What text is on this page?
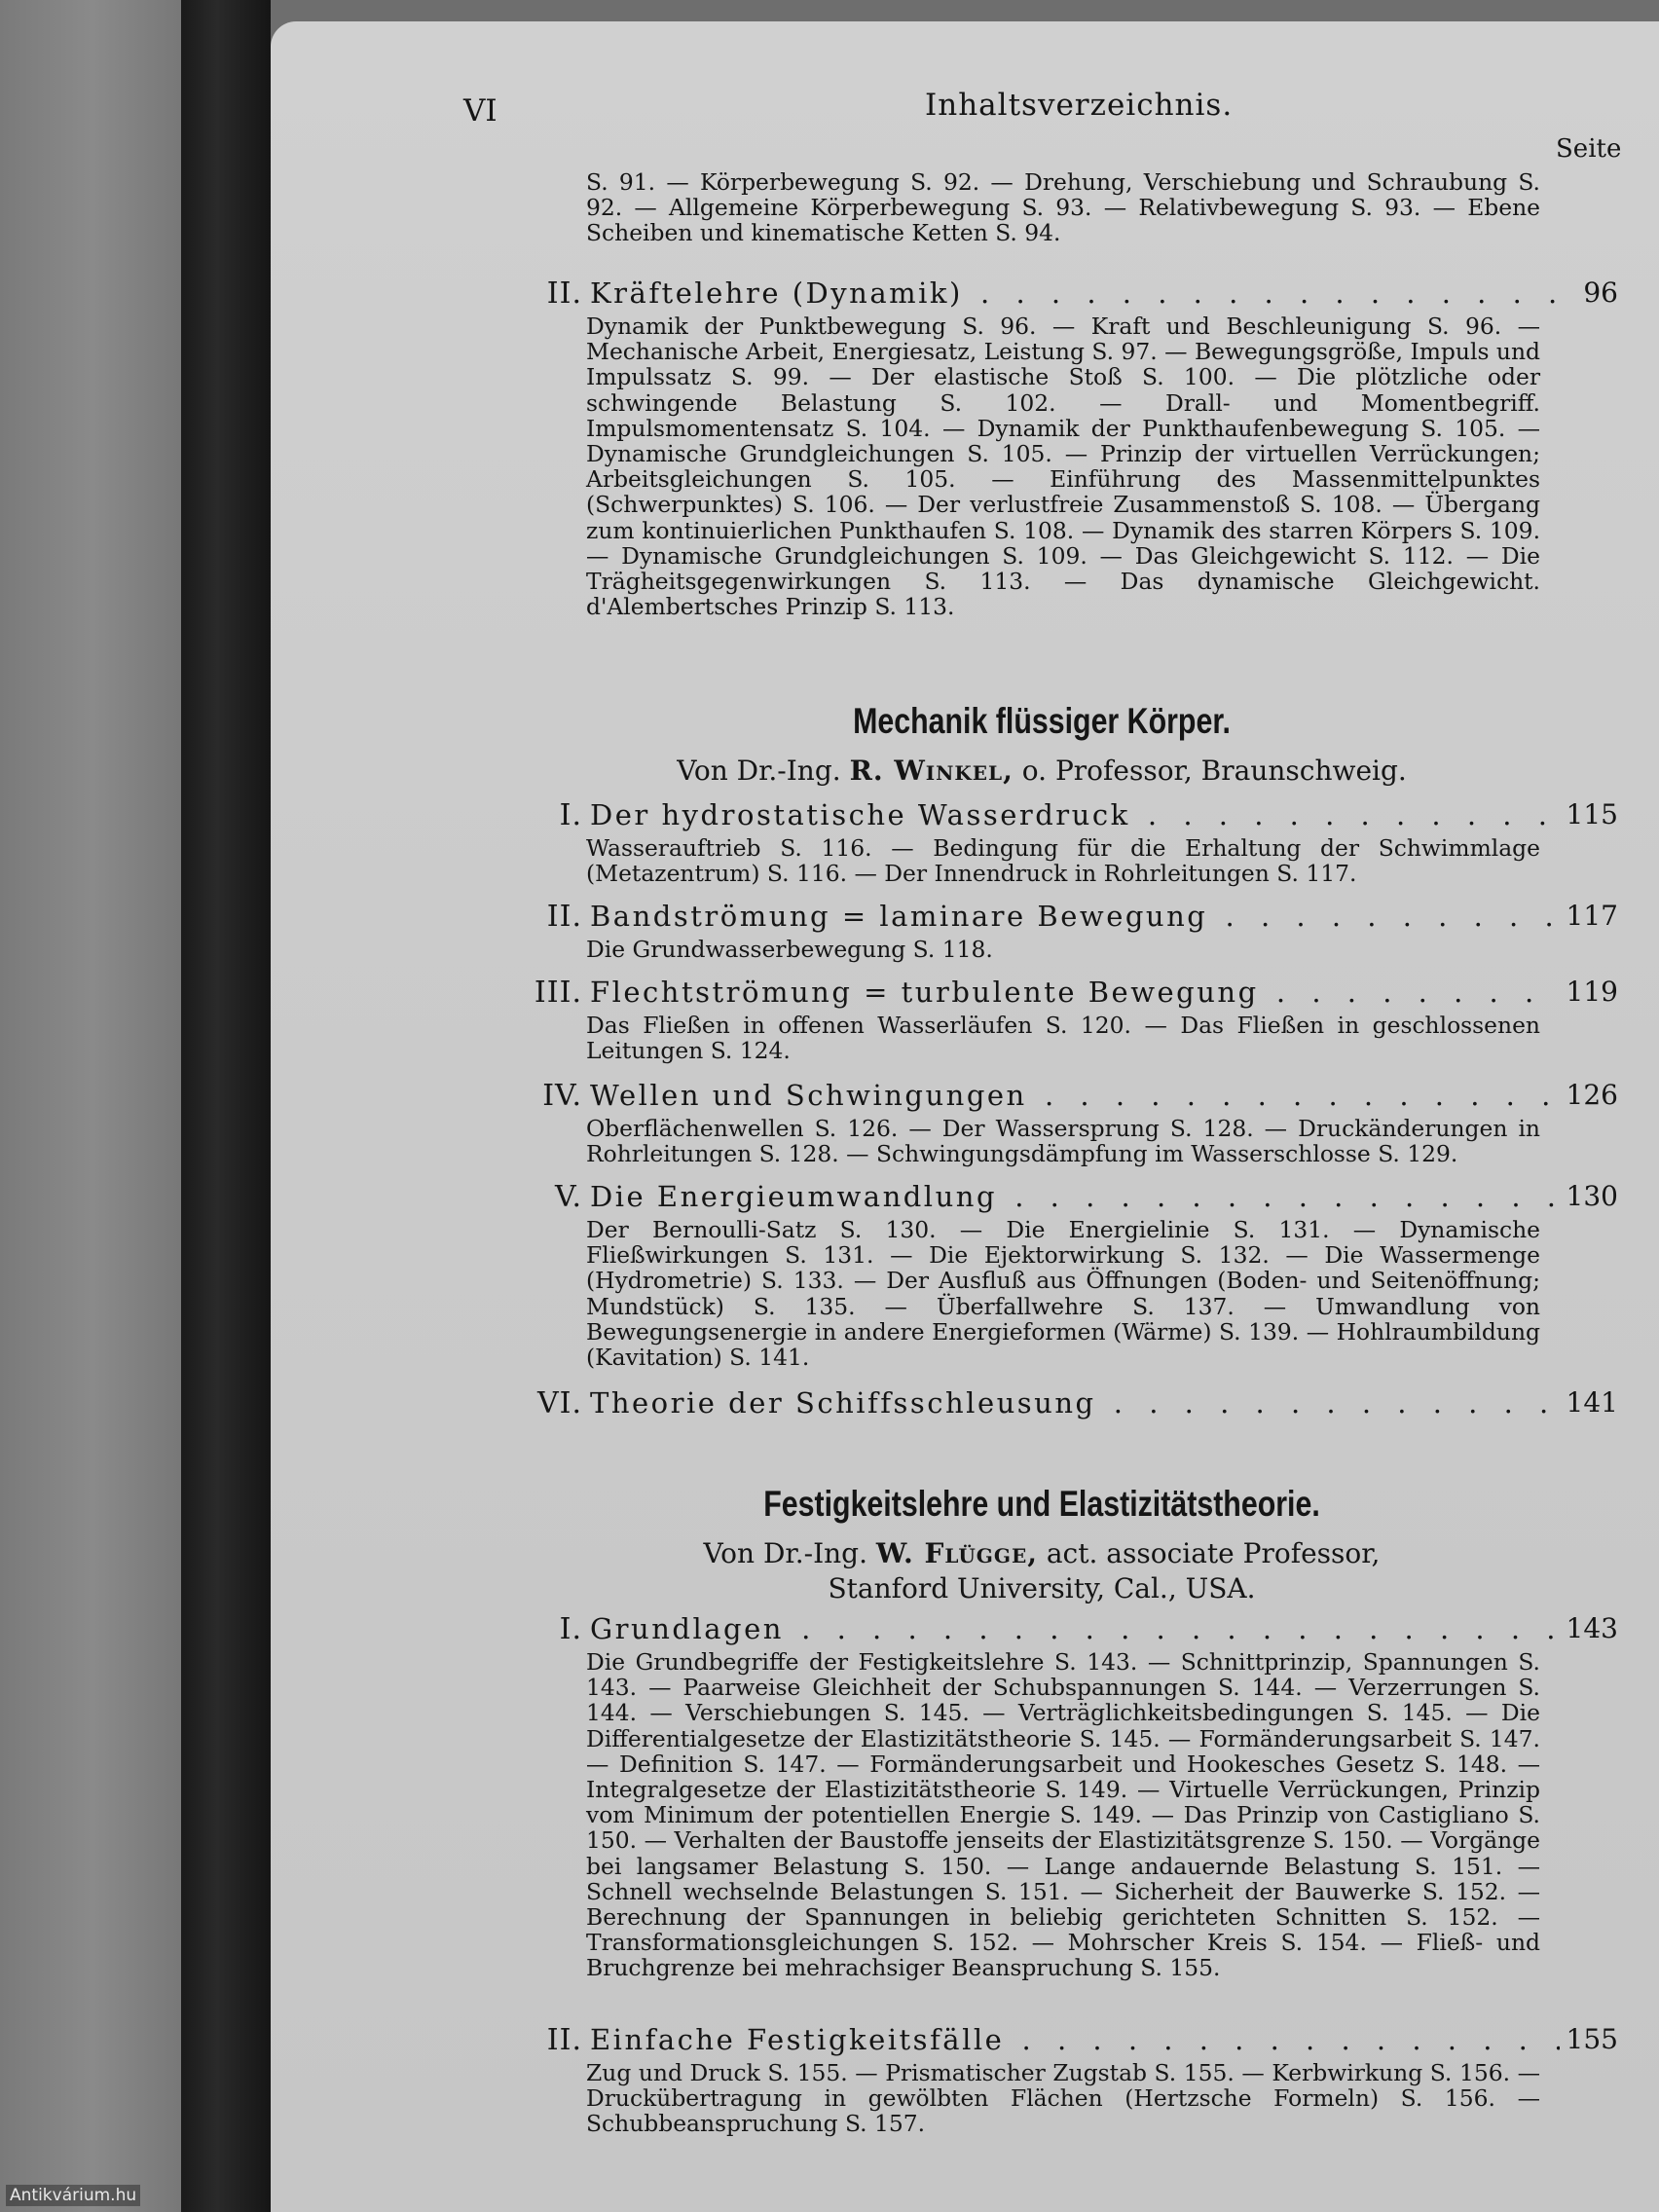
VI	Inhaltsverzeichnis.
Seite
S. 91. — Körperbewegung S. 92. — Drehung, Verschiebung und Schraubung S. 92. — Allgemeine Körperbewegung S. 93. — Relativbewegung S. 93. — Ebene Scheiben und kinematische Ketten S. 94.
II. Kräftelehre (Dynamik) . . .	96
Dynamik der Punktbewegung S. 96. — Kraft und Beschleunigung S. 96. — Mechanische Arbeit, Energiesatz, Leistung S. 97. — Bewegungsgröße, Impuls und Impulssatz S. 99. — Der elastische Stoß S. 100. — Die plötzliche oder schwingende Belastung S. 102. — Drall- und Momentbegriff. Impulsmomentensatz S. 104. — Dynamik der Punkthaufenbewegung S. 105. — Dynamische Grundgleichungen S. 105. — Prinzip der virtuellen Verrückungen; Arbeitsgleichungen S. 105. — Einführung des Massenmittelpunktes (Schwerpunktes) S. 106. — Der verlustfreie Zusammenstoß S. 108. — Übergang zum kontinuierlichen Punkthaufen S. 108. — Dynamik des starren Körpers S. 109. — Dynamische Grundgleichungen S. 109. — Das Gleichgewicht S. 112. — Die Trägheitsgegenwirkungen S. 113. — Das dynamische Gleichgewicht. d'Alembertsches Prinzip S. 113.
Mechanik flüssiger Körper.
Von Dr.-Ing. R. Winkel, o. Professor, Braunschweig.
I. Der hydrostatische Wasserdruck . . .	115
Wasserauftrieb S. 116. — Bedingung für die Erhaltung der Schwimmlage (Metazentrum) S. 116. — Der Innendruck in Rohrleitungen S. 117.
II. Bandströmung = laminare Bewegung . . .	117
Die Grundwasserbewegung S. 118.
III. Flechtströmung = turbulente Bewegung . . .	119
Das Fließen in offenen Wasserläufen S. 120. — Das Fließen in geschlossenen Leitungen S. 124.
IV. Wellen und Schwingungen . . .	126
Oberflächenwellen S. 126. — Der Wassersprung S. 128. — Druckänderungen in Rohrleitungen S. 128. — Schwingungsdämpfung im Wasserschlosse S. 129.
V. Die Energieumwandlung . . .	130
Der Bernoulli-Satz S. 130. — Die Energielinie S. 131. — Dynamische Fließwirkungen S. 131. — Die Ejektorwirkung S. 132. — Die Wassermenge (Hydrometrie) S. 133. — Der Ausfluß aus Öffnungen (Boden- und Seitenöffnung; Mundstück) S. 135. — Überfallwehre S. 137. — Umwandlung von Bewegungsenergie in andere Energieformen (Wärme) S. 139. — Hohlraumbildung (Kavitation) S. 141.
VI. Theorie der Schiffsschleusung . . .	141
Festigkeitslehre und Elastizitätstheorie.
Von Dr.-Ing. W. Flügge, act. associate Professor,
Stanford University, Cal., USA.
I. Grundlagen . . .	143
Die Grundbegriffe der Festigkeitslehre S. 143. — Schnittprinzip, Spannungen S. 143. — Paarweise Gleichheit der Schubspannungen S. 144. — Verzerrungen S. 144. — Verschiebungen S. 145. — Verträglichkeitsbedingungen S. 145. — Die Differentialgesetze der Elastizitätstheorie S. 145. — Formänderungsarbeit S. 147. — Definition S. 147. — Formänderungsarbeit und Hookesches Gesetz S. 148. — Integralgesetze der Elastizitätstheorie S. 149. — Virtuelle Verrückungen, Prinzip vom Minimum der potentiellen Energie S. 149. — Das Prinzip von Castigliano S. 150. — Verhalten der Baustoffe jenseits der Elastizitätsgrenze S. 150. — Vorgänge bei langsamer Belastung S. 150. — Lange andauernde Belastung S. 151. — Schnell wechselnde Belastungen S. 151. — Sicherheit der Bauwerke S. 152. — Berechnung der Spannungen in beliebig gerichteten Schnitten S. 152. — Transformationsgleichungen S. 152. — Mohrscher Kreis S. 154. — Fließ- und Bruchgrenze bei mehrachsiger Beanspruchung S. 155.
II. Einfache Festigkeitsfälle . . .	155
Zug und Druck S. 155. — Prismatischer Zugstab S. 155. — Kerbwirkung S. 156. — Druckübertragung in gewölbten Flächen (Hertzsche Formeln) S. 156. — Schubbeanspruchung S. 157.
Antikvárium.hu
